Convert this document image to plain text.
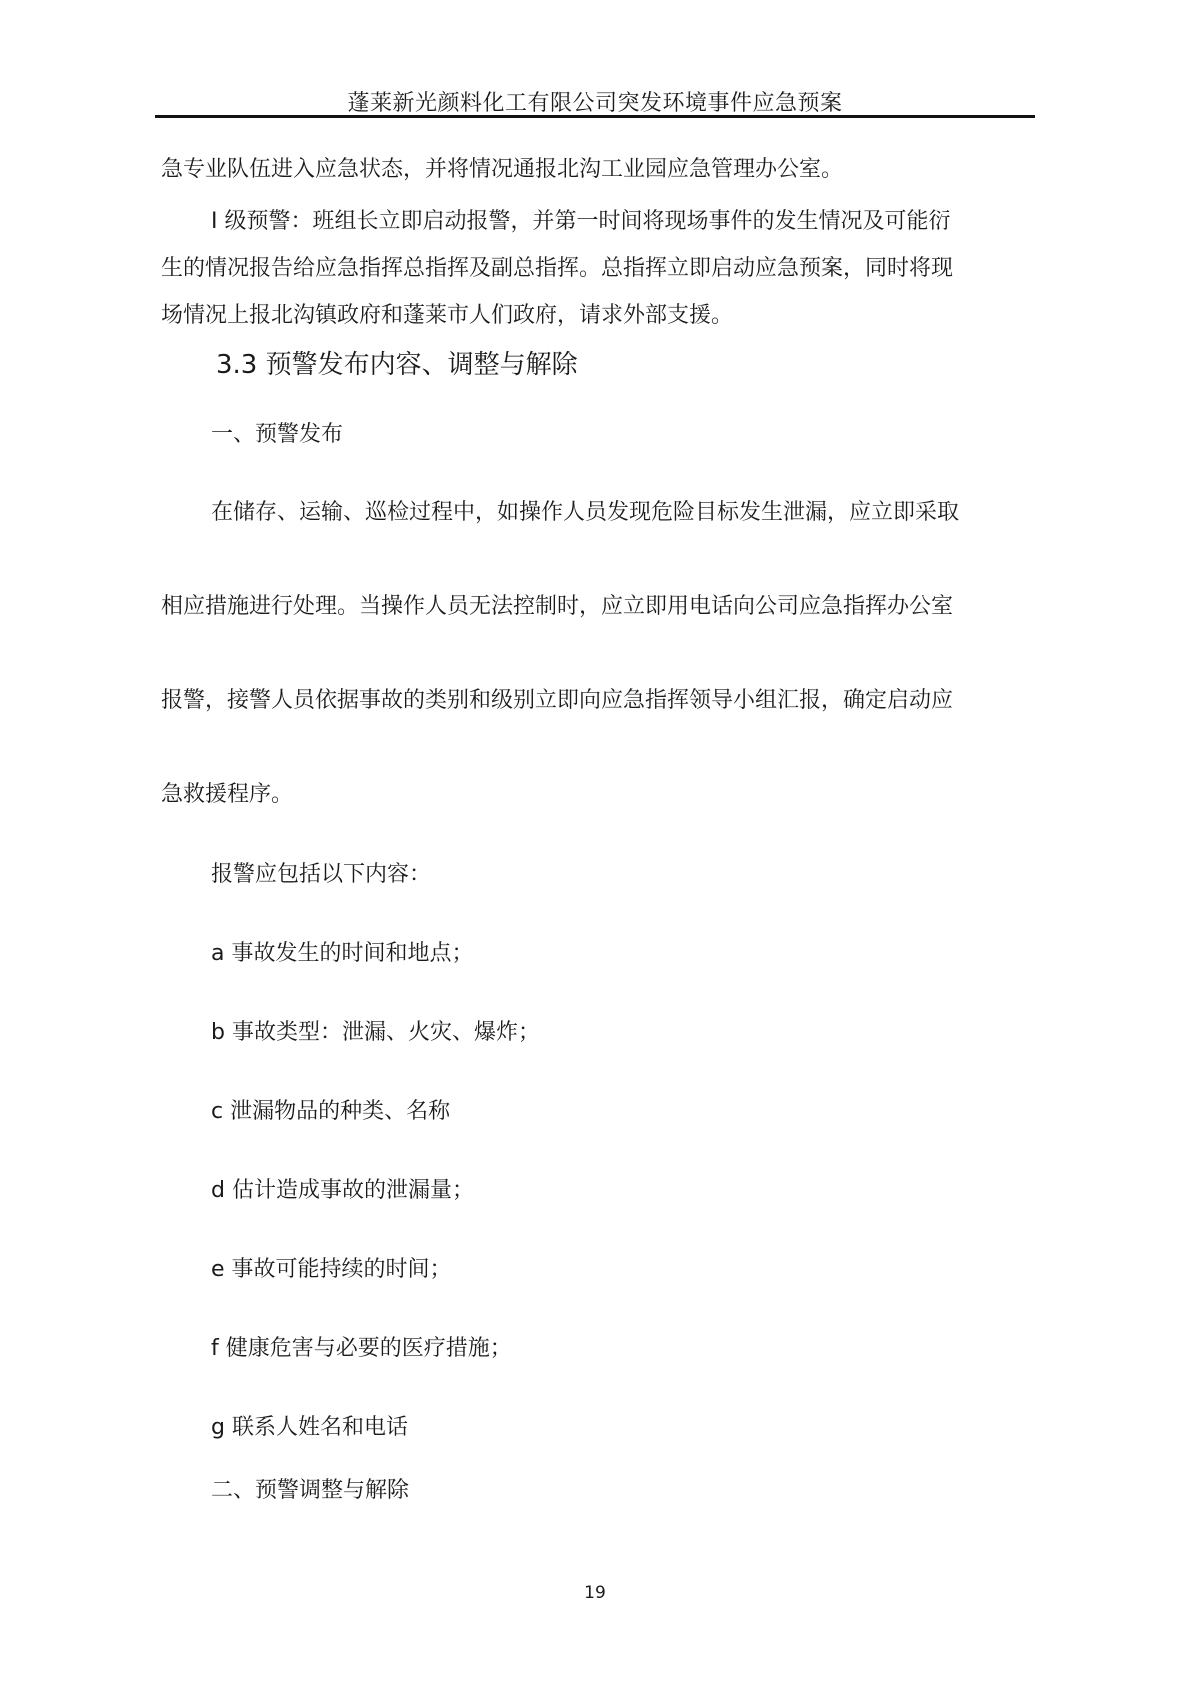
蓬莱新光颜料化工有限公司突发环境事件应急预案
急专业队伍进入应急状态，并将情况通报北沟工业园应急管理办公室。
I 级预警：班组长立即启动报警，并第一时间将现场事件的发生情况及可能衍
生的情况报告给应急指挥总指挥及副总指挥。总指挥立即启动应急预案，同时将现
场情况上报北沟镇政府和蓬莱市人们政府，请求外部支援。
3.3 预警发布内容、调整与解除
一、预警发布
在储存、运输、巡检过程中，如操作人员发现危险目标发生泄漏，应立即采取
相应措施进行处理。当操作人员无法控制时，应立即用电话向公司应急指挥办公室
报警，接警人员依据事故的类别和级别立即向应急指挥领导小组汇报，确定启动应
急救援程序。
报警应包括以下内容：
a 事故发生的时间和地点；
b 事故类型：泄漏、火灾、爆炸；
c 泄漏物品的种类、名称
d 估计造成事故的泄漏量；
e 事故可能持续的时间；
f 健康危害与必要的医疗措施；
g 联系人姓名和电话
二、预警调整与解除
19
